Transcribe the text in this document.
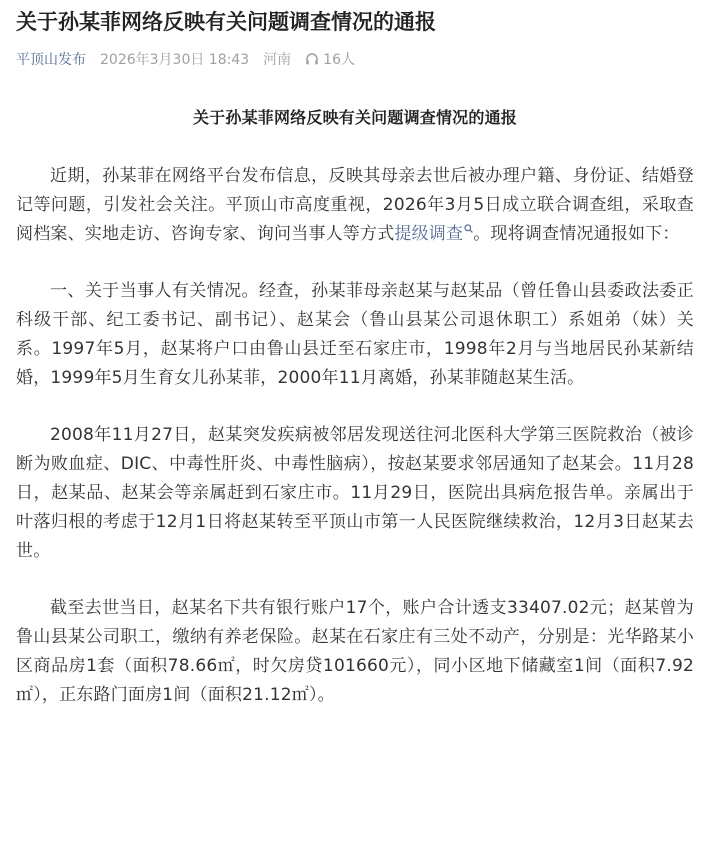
关于孙某菲网络反映有关问题调查情况的通报
平顶山发布 2026年3月30日 18:43 河南 16人
关于孙某菲网络反映有关问题调查情况的通报

近期，孙某菲在网络平台发布信息，反映其母亲去世后被办理户籍、身份证、结婚登记等问题，引发社会关注。平顶山市高度重视，2026年3月5日成立联合调查组，采取查阅档案、实地走访、咨询专家、询问当事人等方式提级调查 。现将调查情况通报如下：

一、关于当事人有关情况。经查，孙某菲母亲赵某与赵某品（曾任鲁山县委政法委正科级干部、纪工委书记、副书记）、赵某会（鲁山县某公司退休职工）系姐弟（妹）关系。1997年5月，赵某将户口由鲁山县迁至石家庄市，1998年2月与当地居民孙某新结婚，1999年5月生育女儿孙某菲，2000年11月离婚，孙某菲随赵某生活。

2008年11月27日，赵某突发疾病被邻居发现送往河北医科大学第三医院救治（被诊断为败血症、DIC、中毒性肝炎、中毒性脑病），按赵某要求邻居通知了赵某会。11月28日，赵某品、赵某会等亲属赶到石家庄市。11月29日，医院出具病危报告单。亲属出于叶落归根的考虑于12月1日将赵某转至平顶山市第一人民医院继续救治，12月3日赵某去世。

截至去世当日，赵某名下共有银行账户17个，账户合计透支33407.02元；赵某曾为鲁山县某公司职工，缴纳有养老保险。赵某在石家庄有三处不动产，分别是：光华路某小区商品房1套（面积78.66㎡，时欠房贷101660元），同小区地下储藏室1间（面积7.92㎡），正东路门面房1间（面积21.12㎡）。
